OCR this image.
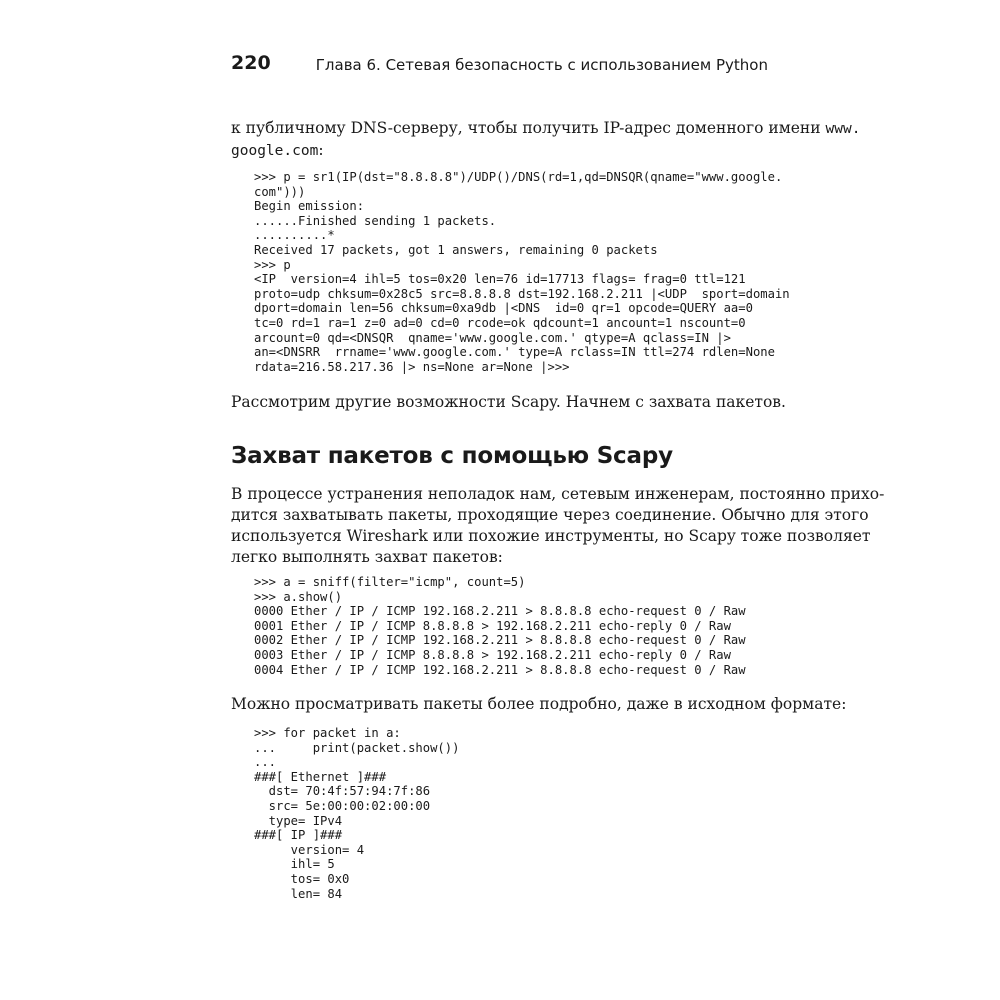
220	Глава 6. Сетевая безопасность с использованием Python
к публичному DNS-серверу, чтобы получить IP-адрес доменного имени www.
google.com:
>>> p = sr1(IP(dst="8.8.8.8")/UDP()/DNS(rd=1,qd=DNSQR(qname="www.google.
com")))
Begin emission:
......Finished sending 1 packets.
..........*
Received 17 packets, got 1 answers, remaining 0 packets
>>> p
<IP  version=4 ihl=5 tos=0x20 len=76 id=17713 flags= frag=0 ttl=121
proto=udp chksum=0x28c5 src=8.8.8.8 dst=192.168.2.211 |<UDP  sport=domain
dport=domain len=56 chksum=0xa9db |<DNS  id=0 qr=1 opcode=QUERY aa=0
tc=0 rd=1 ra=1 z=0 ad=0 cd=0 rcode=ok qdcount=1 ancount=1 nscount=0
arcount=0 qd=<DNSQR  qname='www.google.com.' qtype=A qclass=IN |>
an=<DNSRR  rrname='www.google.com.' type=A rclass=IN ttl=274 rdlen=None
rdata=216.58.217.36 |> ns=None ar=None |>>>
Рассмотрим другие возможности Scapy. Начнем с захвата пакетов.
Захват пакетов с помощью Scapy
В процессе устранения неполадок нам, сетевым инженерам, постоянно прихо-
дится захватывать пакеты, проходящие через соединение. Обычно для этого
используется Wireshark или похожие инструменты, но Scapy тоже позволяет
легко выполнять захват пакетов:
>>> a = sniff(filter="icmp", count=5)
>>> a.show()
0000 Ether / IP / ICMP 192.168.2.211 > 8.8.8.8 echo-request 0 / Raw
0001 Ether / IP / ICMP 8.8.8.8 > 192.168.2.211 echo-reply 0 / Raw
0002 Ether / IP / ICMP 192.168.2.211 > 8.8.8.8 echo-request 0 / Raw
0003 Ether / IP / ICMP 8.8.8.8 > 192.168.2.211 echo-reply 0 / Raw
0004 Ether / IP / ICMP 192.168.2.211 > 8.8.8.8 echo-request 0 / Raw
Можно просматривать пакеты более подробно, даже в исходном формате:
>>> for packet in a:
...     print(packet.show())
...
###[ Ethernet ]###
dst= 70:4f:57:94:7f:86
src= 5e:00:00:02:00:00
type= IPv4
###[ IP ]###
version= 4
ihl= 5
tos= 0x0
len= 84
